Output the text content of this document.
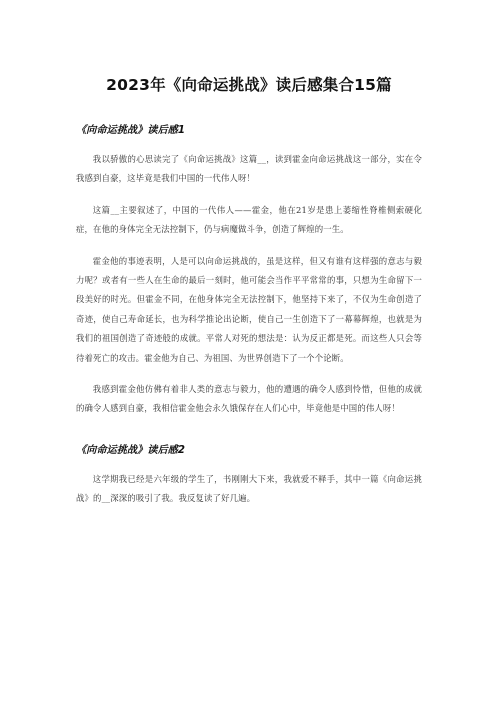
2023年《向命运挑战》读后感集合15篇
《向命运挑战》读后感1

我以骄傲的心思读完了《向命运挑战》这篇__，读到霍金向命运挑战这一部分，实在令我感到自豪，这毕竟是我们中国的一代伟人呀！

这篇__主要叙述了，中国的一代伟人——霍金，他在21岁是患上萎缩性脊椎侧索硬化症，在他的身体完全无法控制下，仍与病魔做斗争，创造了辉煌的一生。

霍金他的事迹表明，人是可以向命运挑战的，虽是这样，但又有谁有这样强的意志与毅力呢？或者有一些人在生命的最后一刻时，他可能会当作平平常常的事，只想为生命留下一段美好的时光。但霍金不同，在他身体完全无法控制下，他坚持下来了，不仅为生命创造了奇迹，使自己寿命延长，也为科学推论出论断，使自己一生创造下了一幕幕辉煌，也就是为我们的祖国创造了奇迹般的成就。平常人对死的想法是：认为反正都是死。而这些人只会等待着死亡的攻击。霍金他为自己、为祖国、为世界创造下了一个个论断。

我感到霍金他仿佛有着非人类的意志与毅力，他的遭遇的确令人感到怜惜，但他的成就的确令人感到自豪，我相信霍金他会永久饿保存在人们心中，毕竟他是中国的伟人呀！

《向命运挑战》读后感2

这学期我已经是六年级的学生了，书刚刚大下来，我就爱不释手，其中一篇《向命运挑战》的__深深的吸引了我。我反复读了好几遍。
